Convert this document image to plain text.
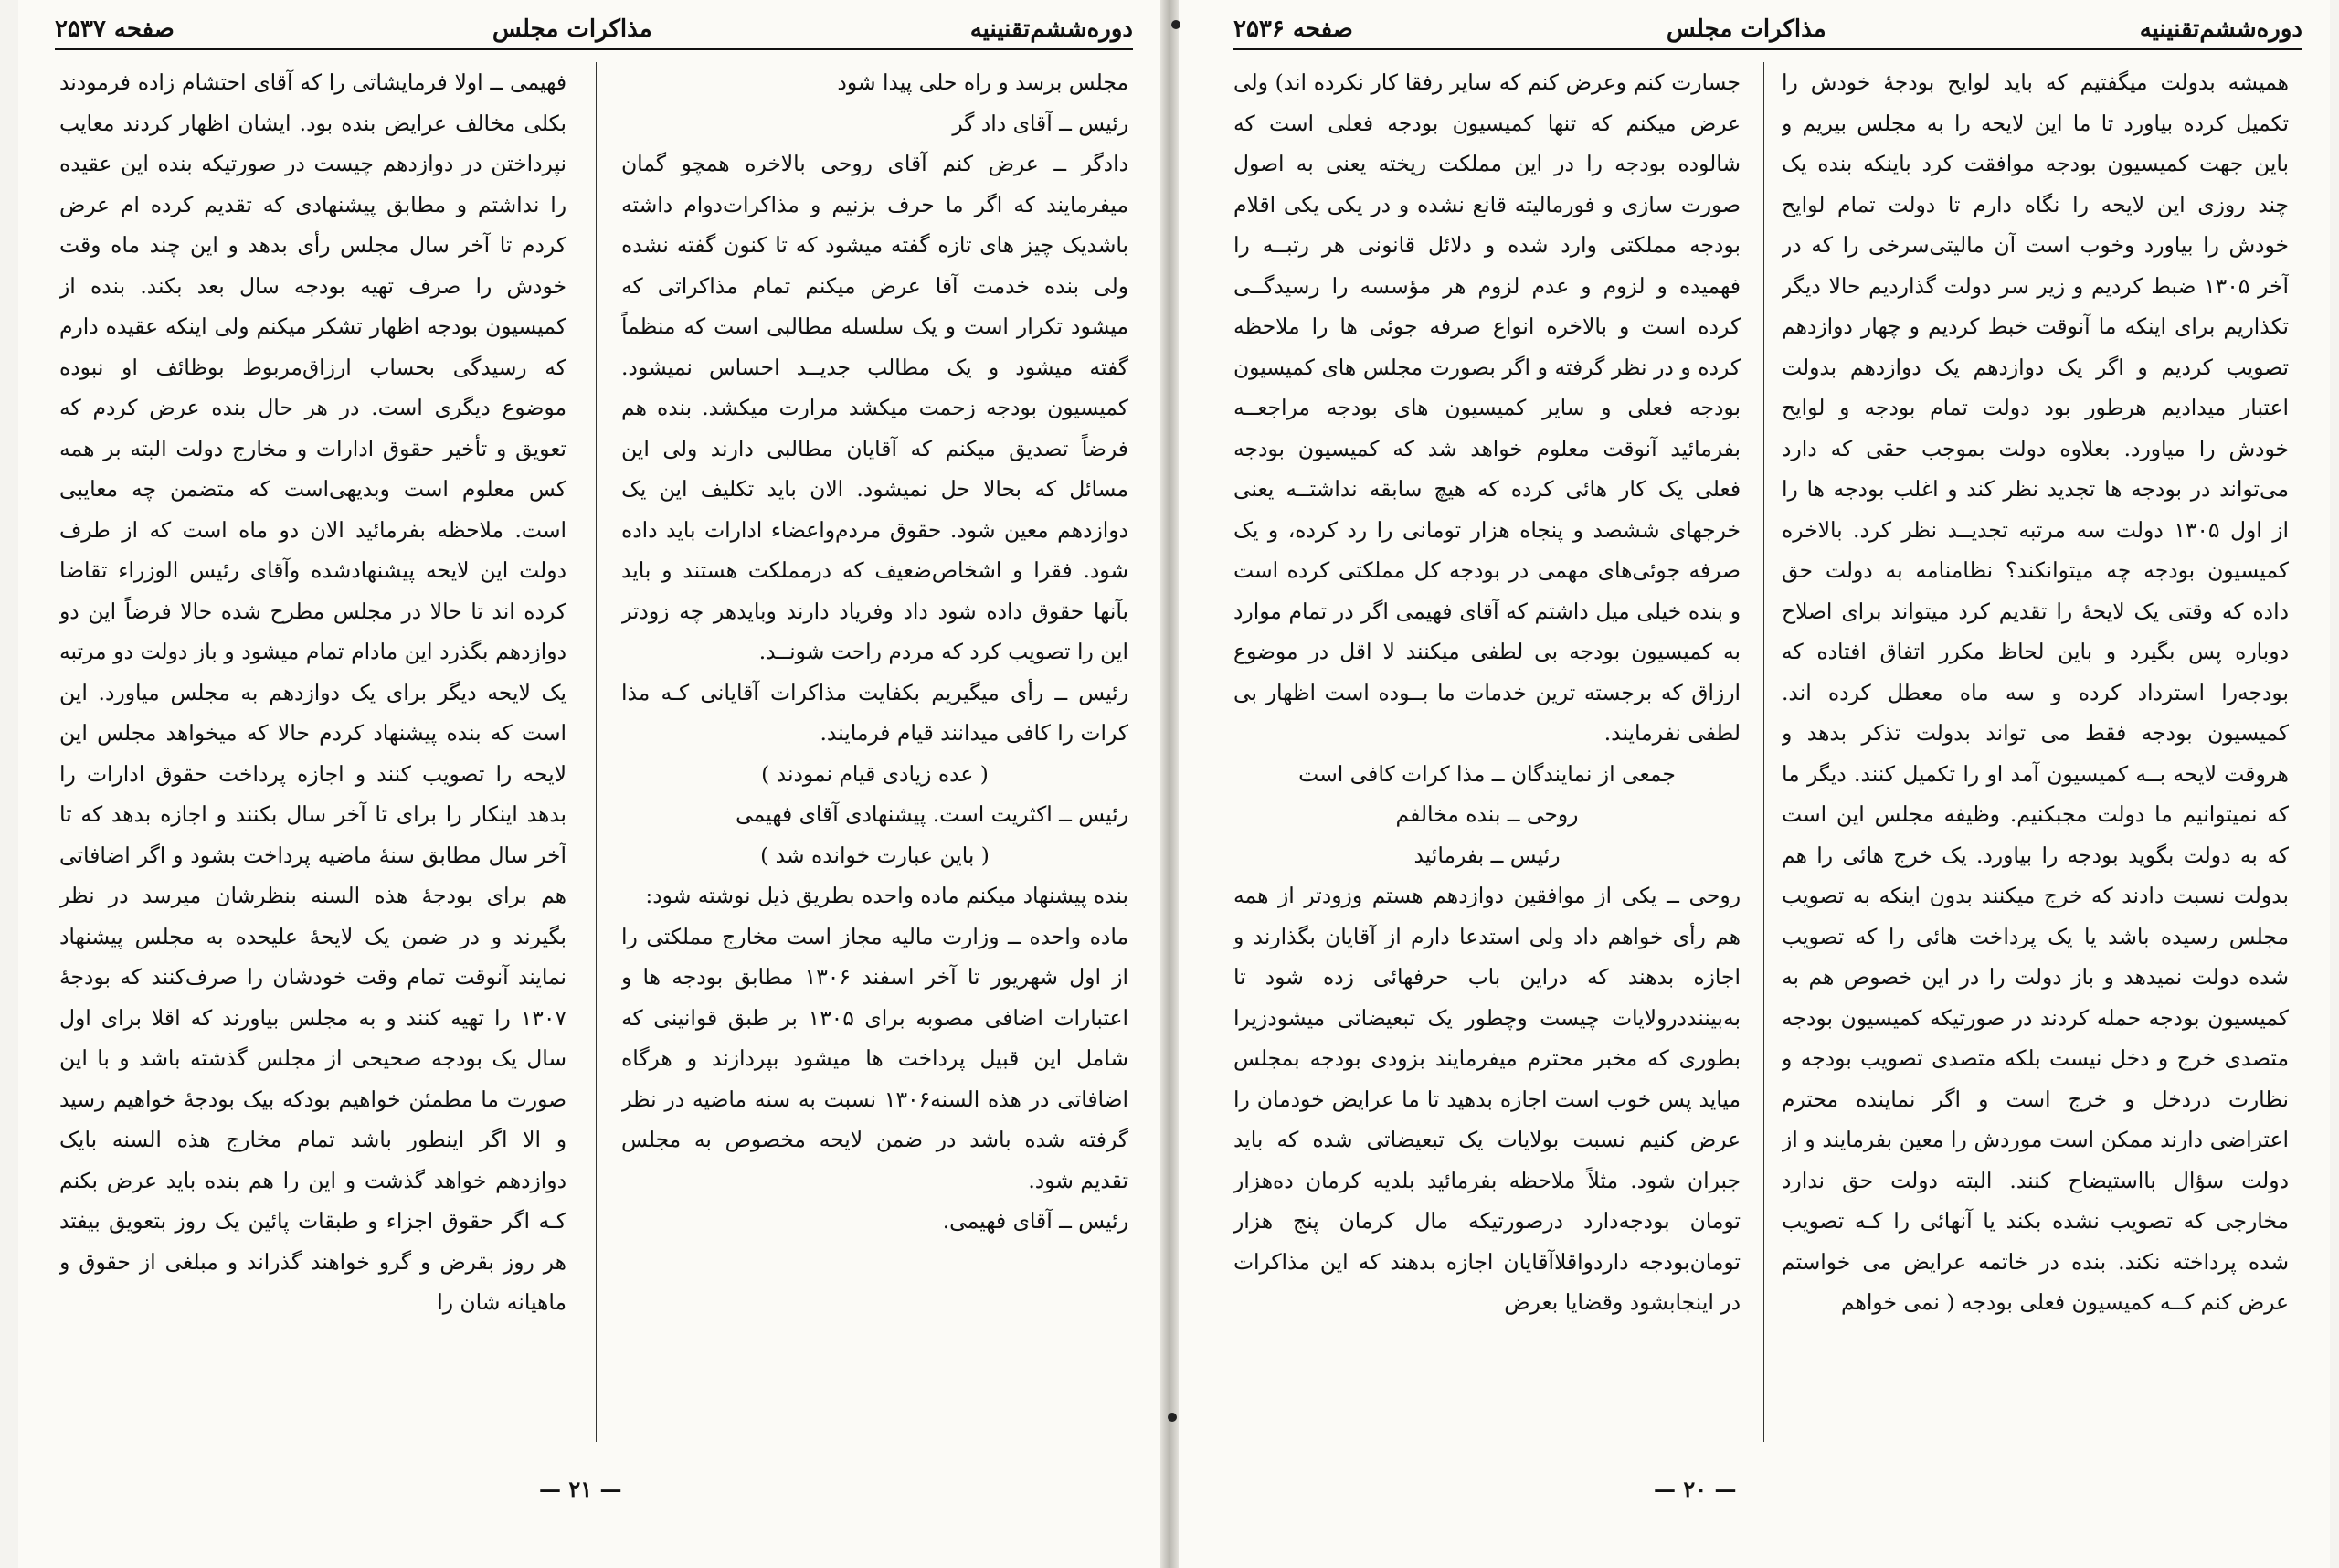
دوره‌ششم‌تقنینیه
مذاکرات مجلس
صفحه ۲۵۳۷

مجلس برسد و راه حلی پیدا شود

رئیس ــ آقای داد گر

دادگر ــ عرض کنم آقای روحی بالاخره همچو گمان میفرمایند که اگر ما حرف بزنیم و مذاکرات‌دوام داشته باشدیک چیز های تازه گفته میشود که تا کنون گفته نشده ولی بنده خدمت آقا عرض میکنم تمام مذاکراتی که میشود تکرار است و یک سلسله مطالبی است که منظماً گفته میشود و یک مطالب جدیــد احساس نمیشود. کمیسیون بودجه زحمت میکشد مرارت میکشد. بنده هم فرضاً تصدیق میکنم که آقایان مطالبی دارند ولی این مسائل که بحالا حل نمیشود. الان باید تکلیف این یک دوازدهم معین شود. حقوق مردم‌واعضاء ادارات باید داده شود. فقرا و اشخاص‌ضعیف که درمملکت هستند و باید بآنها حقوق داده شود داد وفریاد دارند وبایدهر چه زودتر این را تصویب کرد که مردم راحت شونــد.

رئیس ــ رأی میگیریم بکفایت مذاکرات آقایانی کـه مذا کرات را کافی میدانند قیام فرمایند.

( عده زیادی قیام نمودند )

رئیس ــ اکثریت است. پیشنهادی آقای فهیمی

( باین عبارت خوانده شد )

بنده پیشنهاد میکنم ماده واحده بطریق ذیل نوشته شود:

ماده واحده ــ وزارت مالیه مجاز است مخارج مملکتی را از اول شهریور تا آخر اسفند ۱۳۰۶ مطابق بودجه ها و اعتبارات اضافی مصوبه برای ۱۳۰۵ بر طبق قوانینی که شامل این قبیل پرداخت ها میشود بپردازند و هرگاه اضافاتی در هذه السنه۱۳۰۶ نسبت به سنه ماضیه در نظر گرفته شده باشد در ضمن لایحه مخصوص به مجلس تقدیم شود.

رئیس ــ آقای فهیمی.

فهیمی ــ اولا فرمایشاتی را که آقای احتشام زاده فرمودند بکلی مخالف عرایض بنده بود. ایشان اظهار کردند معایب نپرداختن در دوازدهم چیست در صورتیکه بنده این عقیده را نداشتم و مطابق پیشنهادی که تقدیم کرده ام عرض کردم تا آخر سال مجلس رأی بدهد و این چند ماه وقت خودش را صرف تهیه بودجه سال بعد بکند. بنده از کمیسیون بودجه اظهار تشکر میکنم ولی اینکه عقیده دارم که رسیدگی بحساب ارزاق‌مربوط بوظائف او نبوده موضوع دیگری است. در هر حال بنده عرض کردم که تعویق و تأخیر حقوق ادارات و مخارج دولت البته بر همه کس معلوم است وبدیهی‌است که متضمن چه معایبی است. ملاحظه بفرمائید الان دو ماه است که از طرف دولت این لایحه پیشنهادشده وآقای رئیس الوزراء تقاضا کرده اند تا حالا در مجلس مطرح شده حالا فرضاً این دو دوازدهم بگذرد این مادام تمام میشود و باز دولت دو مرتبه یک لایحه دیگر برای یک دوازدهم به مجلس میاورد. این است که بنده پیشنهاد کردم حالا که میخواهد مجلس این لایحه را تصویب کنند و اجازه پرداخت حقوق ادارات را بدهد اینکار را برای تا آخر سال بکنند و اجازه بدهد که تا آخر سال مطابق سنهٔ ماضیه پرداخت بشود و اگر اضافاتی هم برای بودجهٔ هذه السنه بنظرشان میرسد در نظر بگیرند و در ضمن یک لایحهٔ علیحده به مجلس پیشنهاد نمایند آنوقت تمام وقت خودشان را صرف‌کنند که بودجهٔ ۱۳۰۷ را تهیه کنند و به مجلس بیاورند که اقلا برای اول سال یک بودجه صحیحی از مجلس گذشته باشد و با این صورت ما مطمئن خواهیم بودکه بیک بودجهٔ خواهیم رسید و الا اگر اینطور باشد تمام مخارج هذه السنه بایک دوازدهم خواهد گذشت و این را هم بنده باید عرض بکنم کـه اگر حقوق اجزاء و طبقات پائین یک روز بتعویق بیفتد هر روز بقرض و گرو خواهند گذراند و مبلغی از حقوق و ماهیانه شان را

— ۲۱ —
دوره‌ششم‌تقنینیه
مذاکرات مجلس
صفحه ۲۵۳۶

همیشه بدولت میگفتیم که باید لوایح بودجهٔ خودش را تکمیل کرده بیاورد تا ما این لایحه را به مجلس بیریم و باین جهت کمیسیون بودجه موافقت کرد باینکه بنده یک چند روزی این لایحه را نگاه دارم تا دولت تمام لوایح خودش را بیاورد وخوب است آن مالیتی‌سرخی را که در آخر ۱۳۰۵ ضبط کردیم و زیر سر دولت گذاردیم حالا دیگر تکذاریم برای اینکه ما آنوقت خبط کردیم و چهار دوازدهم تصویب کردیم و اگر یک دوازدهم یک دوازدهم بدولت اعتبار میدادیم هرطور بود دولت تمام بودجه و لوایح خودش را میاورد. بعلاوه دولت بموجب حقی که دارد می‌تواند در بودجه ها تجدید نظر کند و اغلب بودجه ها را از اول ۱۳۰۵ دولت سه مرتبه تجدیــد نظر کرد. بالاخره کمیسیون بودجه چه میتوانکند؟ نظامنامه به دولت حق داده که وقتی یک لایحهٔ را تقدیم کرد میتواند برای اصلاح دوباره پس بگیرد و باین لحاظ مکرر اتفاق افتاده که بودجه‌را استرداد کرده و سه ماه معطل کرده اند. کمیسیون بودجه فقط می تواند بدولت تذکر بدهد و هروقت لایحه بــه کمیسیون آمد او را تکمیل کنند. دیگر ما که نمیتوانیم ما دولت مجبکنیم. وظیفه مجلس این است که به دولت بگوید بودجه را بیاورد. یک خرج هائی را هم بدولت نسبت دادند که خرج میکنند بدون اینکه به تصویب مجلس رسیده باشد یا یک پرداخت هائی را که تصویب شده دولت نمیدهد و باز دولت را در این خصوص هم به کمیسیون بودجه حمله کردند در صورتیکه کمیسیون بودجه متصدی خرج و دخل نیست بلکه متصدی تصویب بودجه و نظارت دردخل و خرج است و اگر نماینده محترم اعتراضی دارند ممکن است موردش را معین بفرمایند و از دولت سؤال بااستیضاح کنند. البته دولت حق ندارد مخارجی که تصویب نشده بکند یا آنهائی را کـه تصویب شده پرداخته نکند. بنده در خاتمه عرایض می خواستم عرض کنم کــه کمیسیون فعلی بودجه ( نمی خواهم

جسارت کنم وعرض کنم که سایر رفقا کار نکرده اند) ولی عرض میکنم که تنها کمیسیون بودجه فعلی است که شالوده بودجه را در این مملکت ریخته یعنی به اصول صورت سازی و فورمالیته قانع نشده و در یکی یکی اقلام بودجه مملکتی وارد شده و دلائل قانونی هر رتبــه را فهمیده و لزوم و عدم لزوم هر مؤسسه را رسیدگــی کرده است و بالاخره انواع صرفه جوئی ها را ملاحظه کرده و در نظر گرفته و اگر بصورت مجلس های کمیسیون بودجه فعلی و سایر کمیسیون های بودجه مراجعــه بفرمائید آنوقت معلوم خواهد شد که کمیسیون بودجه فعلی یک کار هائی کرده که هیچ سابقه نداشتــه یعنی خرجهای ششصد و پنجاه هزار تومانی را رد کرده، و یک صرفه جوئی‌های مهمی در بودجه کل مملکتی کرده است و بنده خیلی میل داشتم که آقای فهیمی اگر در تمام موارد به کمیسیون بودجه بی لطفی میکنند لا اقل در موضوع ارزاق که برجسته ترین خدمات ما بــوده است اظهار بی لطفی نفرمایند.

جمعی از نمایندگان ــ مذا کرات کافی است

روحی ــ بنده مخالفم

رئیس ــ بفرمائید

روحی ــ یکی از موافقین دوازدهم هستم وزودتر از همه هم رأی خواهم داد ولی استدعا دارم از آقایان بگذارند و اجازه بدهند که دراین باب حرفهائی زده شود تا به‌بینند‌در‌ولایات چیست وچطور یک تبعیضاتی میشودزیرا بطوری که مخبر محترم میفرمایند بزودی بودجه بمجلس میاید پس خوب است اجازه بدهید تا ما عرایض خودمان را عرض کنیم نسبت بولایات یک تبعیضاتی شده که باید جبران شود. مثلاً ملاحظه بفرمائید بلدیه کرمان ده‌هزار تومان بودجه‌دارد درصورتیکه مال کرمان پنج هزار تومان‌بودجه داردواقلا‌آقایان اجازه بدهند که این مذاکرات در اینجابشود وقضایا بعرض

— ۲۰ —
